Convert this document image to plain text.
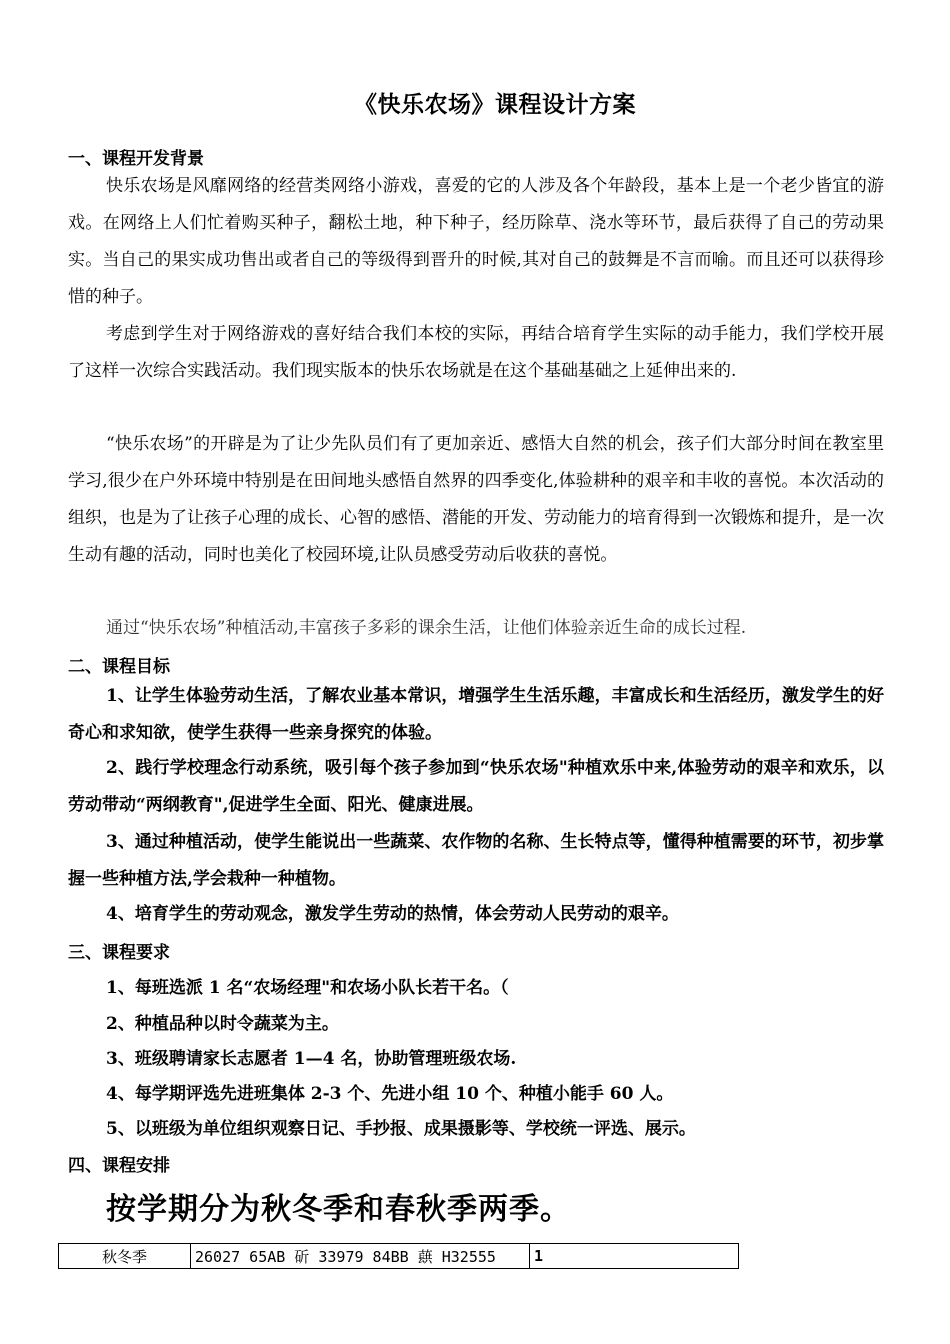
《快乐农场》课程设计方案
一、课程开发背景
快乐农场是风靡网络的经营类网络小游戏，喜爱的它的人涉及各个年龄段，基本上是一个老少皆宜的游戏。在网络上人们忙着购买种子，翻松土地，种下种子，经历除草、浇水等环节，最后获得了自己的劳动果实。当自己的果实成功售出或者自己的等级得到晋升的时候,其对自己的鼓舞是不言而喻。而且还可以获得珍惜的种子。
考虑到学生对于网络游戏的喜好结合我们本校的实际，再结合培育学生实际的动手能力，我们学校开展了这样一次综合实践活动。我们现实版本的快乐农场就是在这个基础基础之上延伸出来的.
“快乐农场”的开辟是为了让少先队员们有了更加亲近、感悟大自然的机会，孩子们大部分时间在教室里学习,很少在户外环境中特别是在田间地头感悟自然界的四季变化,体验耕种的艰辛和丰收的喜悦。本次活动的组织，也是为了让孩子心理的成长、心智的感悟、潜能的开发、劳动能力的培育得到一次锻炼和提升，是一次生动有趣的活动，同时也美化了校园环境,让队员感受劳动后收获的喜悦。
通过“快乐农场”种植活动,丰富孩子多彩的课余生活，让他们体验亲近生命的成长过程.
二、课程目标
1、让学生体验劳动生活，了解农业基本常识，增强学生生活乐趣，丰富成长和生活经历，激发学生的好奇心和求知欲，使学生获得一些亲身探究的体验。
2、践行学校理念行动系统，吸引每个孩子参加到“快乐农场"种植欢乐中来,体验劳动的艰辛和欢乐，以劳动带动“两纲教育",促进学生全面、阳光、健康进展。
3、通过种植活动，使学生能说出一些蔬菜、农作物的名称、生长特点等，懂得种植需要的环节，初步掌握一些种植方法,学会栽种一种植物。
4、培育学生的劳动观念，激发学生劳动的热情，体会劳动人民劳动的艰辛。
三、课程要求
1、每班选派 1 名“农场经理"和农场小队长若干名。（
2、种植品种以时令蔬菜为主。
3、班级聘请家长志愿者 1—4 名，协助管理班级农场.
4、每学期评选先进班集体 2-3 个、先进小组 10 个、种植小能手 60 人。
5、以班级为单位组织观察日记、手抄报、成果摄影等、学校统一评选、展示。
四、课程安排
按学期分为秋冬季和春秋季两季。
秋冬季	26027 65AB 斫 33979 84BB 蕻 H32555	1
